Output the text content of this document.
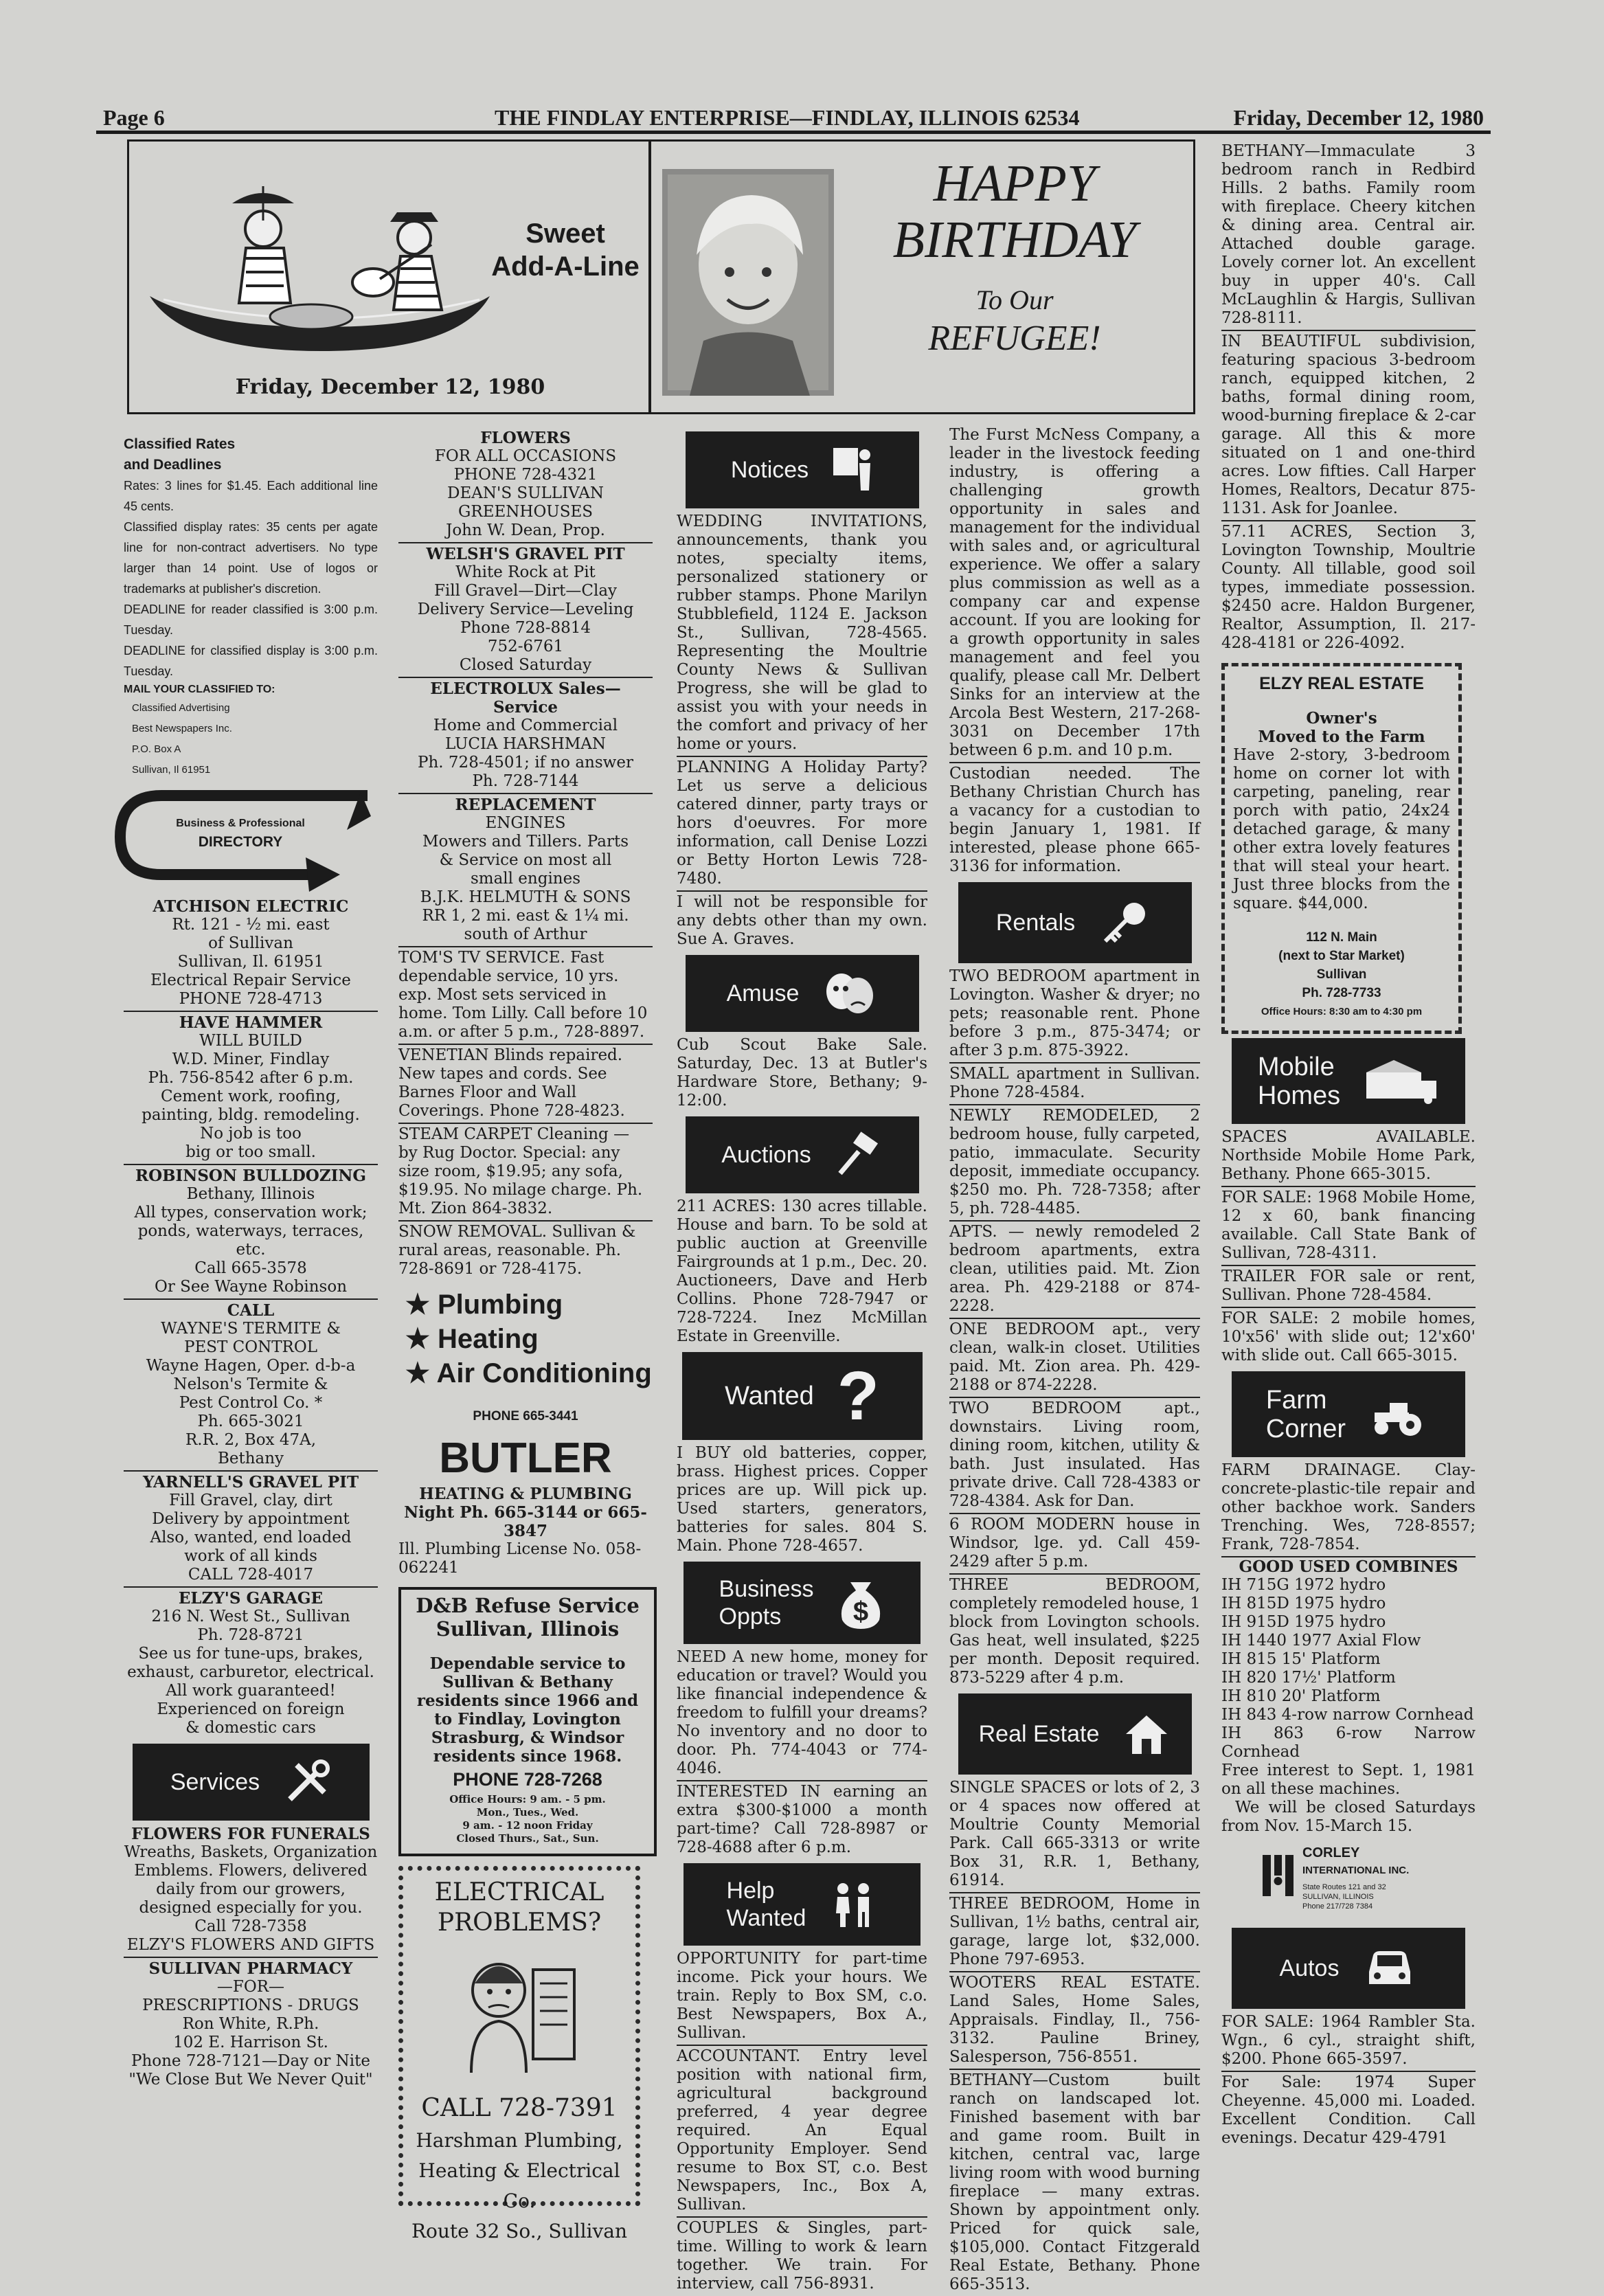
Page 6	THE FINDLAY ENTERPRISE—FINDLAY, ILLINOIS 62534	Friday, December 12, 1980
Sweet
Add-A-Line
Friday, December 12, 1980
HAPPY
BIRTHDAY
To Our
REFUGEE!
Classified Rates
and Deadlines
Rates: 3 lines for $1.45. Each additional line 45 cents.
Classified display rates: 35 cents per agate line for non-contract advertisers. No type larger than 14 point. Use of logos or trademarks at publisher's discretion.
DEADLINE for reader classified is 3:00 p.m. Tuesday.
DEADLINE for classified display is 3:00 p.m. Tuesday.
MAIL YOUR CLASSIFIED TO:
Classified Advertising
Best Newspapers Inc.
P.O. Box A
Sullivan, Il 61951
Business & Professional
DIRECTORY
ATCHISON ELECTRIC
Rt. 121 - ½ mi. east
of Sullivan
Sullivan, Il. 61951
Electrical Repair Service
PHONE 728-4713
HAVE HAMMER
WILL BUILD
W.D. Miner, Findlay
Ph. 756-8542 after 6 p.m.
Cement work, roofing, painting, bldg. remodeling.
No job is too
big or too small.
ROBINSON BULLDOZING
Bethany, Illinois
All types, conservation work; ponds, waterways, terraces, etc.
Call 665-3578
Or See Wayne Robinson
CALL
WAYNE'S TERMITE &
PEST CONTROL
Wayne Hagen, Oper. d-b-a
Nelson's Termite &
Pest Control Co. *
Ph. 665-3021
R.R. 2, Box 47A,
Bethany
YARNELL'S GRAVEL PIT
Fill Gravel, clay, dirt
Delivery by appointment
Also, wanted, end loaded
work of all kinds
CALL 728-4017
ELZY'S GARAGE
216 N. West St., Sullivan
Ph. 728-8721
See us for tune-ups, brakes, exhaust, carburetor, electrical.
All work guaranteed!
Experienced on foreign
& domestic cars
Services
FLOWERS FOR FUNERALS
Wreaths, Baskets, Organization Emblems. Flowers, delivered daily from our growers, designed especially for you.
Call 728-7358
ELZY'S FLOWERS AND GIFTS
SULLIVAN PHARMACY
—FOR—
PRESCRIPTIONS - DRUGS
Ron White, R.Ph.
102 E. Harrison St.
Phone 728-7121—Day or Nite
"We Close But We Never Quit"
FLOWERS
FOR ALL OCCASIONS
PHONE 728-4321
DEAN'S SULLIVAN
GREENHOUSES
John W. Dean, Prop.
WELSH'S GRAVEL PIT
White Rock at Pit
Fill Gravel—Dirt—Clay
Delivery Service—Leveling
Phone 728-8814
752-6761
Closed Saturday
ELECTROLUX Sales—Service
Home and Commercial
LUCIA HARSHMAN
Ph. 728-4501; if no answer
Ph. 728-7144
REPLACEMENT
ENGINES
Mowers and Tillers. Parts
& Service on most all
small engines
B.J.K. HELMUTH & SONS
RR 1, 2 mi. east & 1¼ mi. south of Arthur
TOM'S TV SERVICE. Fast dependable service, 10 yrs. exp. Most sets serviced in home. Tom Lilly. Call before 10 a.m. or after 5 p.m., 728-8897.
VENETIAN Blinds repaired. New tapes and cords. See Barnes Floor and Wall Coverings. Phone 728-4823.
STEAM CARPET Cleaning — by Rug Doctor. Special: any size room, $19.95; any sofa, $19.95. No milage charge. Ph. Mt. Zion 864-3832.
SNOW REMOVAL. Sullivan & rural areas, reasonable. Ph. 728-8691 or 728-4175.
★ Plumbing
★ Heating
★ Air Conditioning
PHONE 665-3441
BUTLER
HEATING & PLUMBING
Night Ph. 665-3144 or 665-3847
Ill. Plumbing License No. 058-062241
D&B Refuse Service
Sullivan, Illinois
Dependable service to Sullivan & Bethany residents since 1966 and to Findlay, Lovington Strasburg, & Windsor residents since 1968.
PHONE 728-7268
Office Hours: 9 am. - 5 pm.
Mon., Tues., Wed.
9 am. - 12 noon Friday
Closed Thurs., Sat., Sun.
ELECTRICAL
PROBLEMS?
CALL 728-7391
Harshman Plumbing,
Heating & Electrical Co.
Route 32 So., Sullivan
Notices
WEDDING INVITATIONS, announcements, thank you notes, specialty items, personalized stationery or rubber stamps. Phone Marilyn Stubblefield, 1124 E. Jackson St., Sullivan, 728-4565. Representing the Moultrie County News & Sullivan Progress, she will be glad to assist you with your needs in the comfort and privacy of her home or yours.
PLANNING A Holiday Party? Let us serve a delicious catered dinner, party trays or hors d'oeuvres. For more information, call Denise Lozzi or Betty Horton Lewis 728-7480.
I will not be responsible for any debts other than my own. Sue A. Graves.
Amuse
Cub Scout Bake Sale. Saturday, Dec. 13 at Butler's Hardware Store, Bethany; 9-12:00.
Auctions
211 ACRES: 130 acres tillable. House and barn. To be sold at public auction at Greenville Fairgrounds at 1 p.m., Dec. 20. Auctioneers, Dave and Herb Collins. Phone 728-7947 or 728-7224. Inez McMillan Estate in Greenville.
Wanted ?
I BUY old batteries, copper, brass. Highest prices. Copper prices are up. Will pick up. Used starters, generators, batteries for sales. 804 S. Main. Phone 728-4657.
Business
Oppts	$
NEED A new home, money for education or travel? Would you like financial independence & freedom to fulfill your dreams? No inventory and no door to door. Ph. 774-4043 or 774-4046.
INTERESTED IN earning an extra $300-$1000 a month part-time? Call 728-8987 or 728-4688 after 6 p.m.
Help
Wanted
OPPORTUNITY for part-time income. Pick your hours. We train. Reply to Box SM, c.o. Best Newspapers, Box A., Sullivan.
ACCOUNTANT. Entry level position with national firm, agricultural background preferred, 4 year degree required. An Equal Opportunity Employer. Send resume to Box ST, c.o. Best Newspapers, Inc., Box A, Sullivan.
COUPLES & Singles, part-time. Willing to work & learn together. We train. For interview, call 756-8931.
The Furst McNess Company, a leader in the livestock feeding industry, is offering a challenging growth opportunity in sales and management for the individual with sales and, or agricultural experience. We offer a salary plus commission as well as a company car and expense account. If you are looking for a growth opportunity in sales management and feel you qualify, please call Mr. Delbert Sinks for an interview at the Arcola Best Western, 217-268-3031 on December 17th between 6 p.m. and 10 p.m.
Custodian needed. The Bethany Christian Church has a vacancy for a custodian to begin January 1, 1981. If interested, please phone 665-3136 for information.
Rentals
TWO BEDROOM apartment in Lovington. Washer & dryer; no pets; reasonable rent. Phone before 3 p.m., 875-3474; or after 3 p.m. 875-3922.
SMALL apartment in Sullivan. Phone 728-4584.
NEWLY REMODELED, 2 bedroom house, fully carpeted, patio, immaculate. Security deposit, immediate occupancy. $250 mo. Ph. 728-7358; after 5, ph. 728-4485.
APTS. — newly remodeled 2 bedroom apartments, extra clean, utilities paid. Mt. Zion area. Ph. 429-2188 or 874-2228.
ONE BEDROOM apt., very clean, walk-in closet. Utilities paid. Mt. Zion area. Ph. 429-2188 or 874-2228.
TWO BEDROOM apt., downstairs. Living room, dining room, kitchen, utility & bath. Just insulated. Has private drive. Call 728-4383 or 728-4384. Ask for Dan.
6 ROOM MODERN house in Windsor, lge. yd. Call 459-2429 after 5 p.m.
THREE BEDROOM, completely remodeled house, 1 block from Lovington schools. Gas heat, well insulated, $225 per month. Deposit required. 873-5229 after 4 p.m.
Real Estate
SINGLE SPACES or lots of 2, 3 or 4 spaces now offered at Moultrie County Memorial Park. Call 665-3313 or write Box 31, R.R. 1, Bethany, 61914.
THREE BEDROOM, Home in Sullivan, 1½ baths, central air, garage, large lot, $32,000. Phone 797-6953.
WOOTERS REAL ESTATE. Land Sales, Home Sales, Appraisals. Findlay, Il., 756-3132. Pauline Briney, Salesperson, 756-8551.
BETHANY—Custom built ranch on landscaped lot. Finished basement with bar and game room. Built in kitchen, central vac, large living room with wood burning fireplace — many extras. Shown by appointment only. Priced for quick sale, $105,000. Contact Fitzgerald Real Estate, Bethany. Phone 665-3513.
BETHANY—Immaculate 3 bedroom ranch in Redbird Hills. 2 baths. Family room with fireplace. Cheery kitchen & dining area. Central air. Attached double garage. Lovely corner lot. An excellent buy in upper 40's. Call McLaughlin & Hargis, Sullivan 728-8111.
IN BEAUTIFUL subdivision, featuring spacious 3-bedroom ranch, equipped kitchen, 2 baths, formal dining room, wood-burning fireplace & 2-car garage. All this & more situated on 1 and one-third acres. Low fifties. Call Harper Homes, Realtors, Decatur 875-1131. Ask for Joanlee.
57.11 ACRES, Section 3, Lovington Township, Moultrie County. All tillable, good soil types, immediate possession. $2450 acre. Haldon Burgener, Realtor, Assumption, Il. 217-428-4181 or 226-4092.
ELZY REAL ESTATE
Owner's
Moved to the Farm
Have 2-story, 3-bedroom home on corner lot with carpeting, paneling, rear porch with patio, 24x24 detached garage, & many other extra lovely features that will steal your heart. Just three blocks from the square. $44,000.
112 N. Main
(next to Star Market)
Sullivan
Ph. 728-7733
Office Hours: 8:30 am to 4:30 pm
Mobile
Homes
SPACES AVAILABLE. Northside Mobile Home Park, Bethany. Phone 665-3015.
FOR SALE: 1968 Mobile Home, 12 x 60, bank financing available. Call State Bank of Sullivan, 728-4311.
TRAILER FOR sale or rent, Sullivan. Phone 728-4584.
FOR SALE: 2 mobile homes, 10'x56' with slide out; 12'x60' with slide out. Call 665-3015.
Farm
Corner
FARM DRAINAGE. Clay-concrete-plastic-tile repair and other backhoe work. Sanders Trenching. Wes, 728-8557; Frank, 728-7854.
GOOD USED COMBINES
IH 715G 1972 hydro
IH 815D 1975 hydro
IH 915D 1975 hydro
IH 1440 1977 Axial Flow
IH 815 15' Platform
IH 820 17½' Platform
IH 810 20' Platform
IH 843 4-row narrow Cornhead
IH 863 6-row Narrow Cornhead
Free interest to Sept. 1, 1981 on all these machines.
We will be closed Saturdays from Nov. 15-March 15.
CORLEY
INTERNATIONAL INC.
State Routes 121 and 32
SULLIVAN, ILLINOIS
Phone 217/728 7384
Autos
FOR SALE: 1964 Rambler Sta. Wgn., 6 cyl., straight shift, $200. Phone 665-3597.
For Sale: 1974 Super Cheyenne. 45,000 mi. Loaded. Excellent Condition. Call evenings. Decatur 429-4791
